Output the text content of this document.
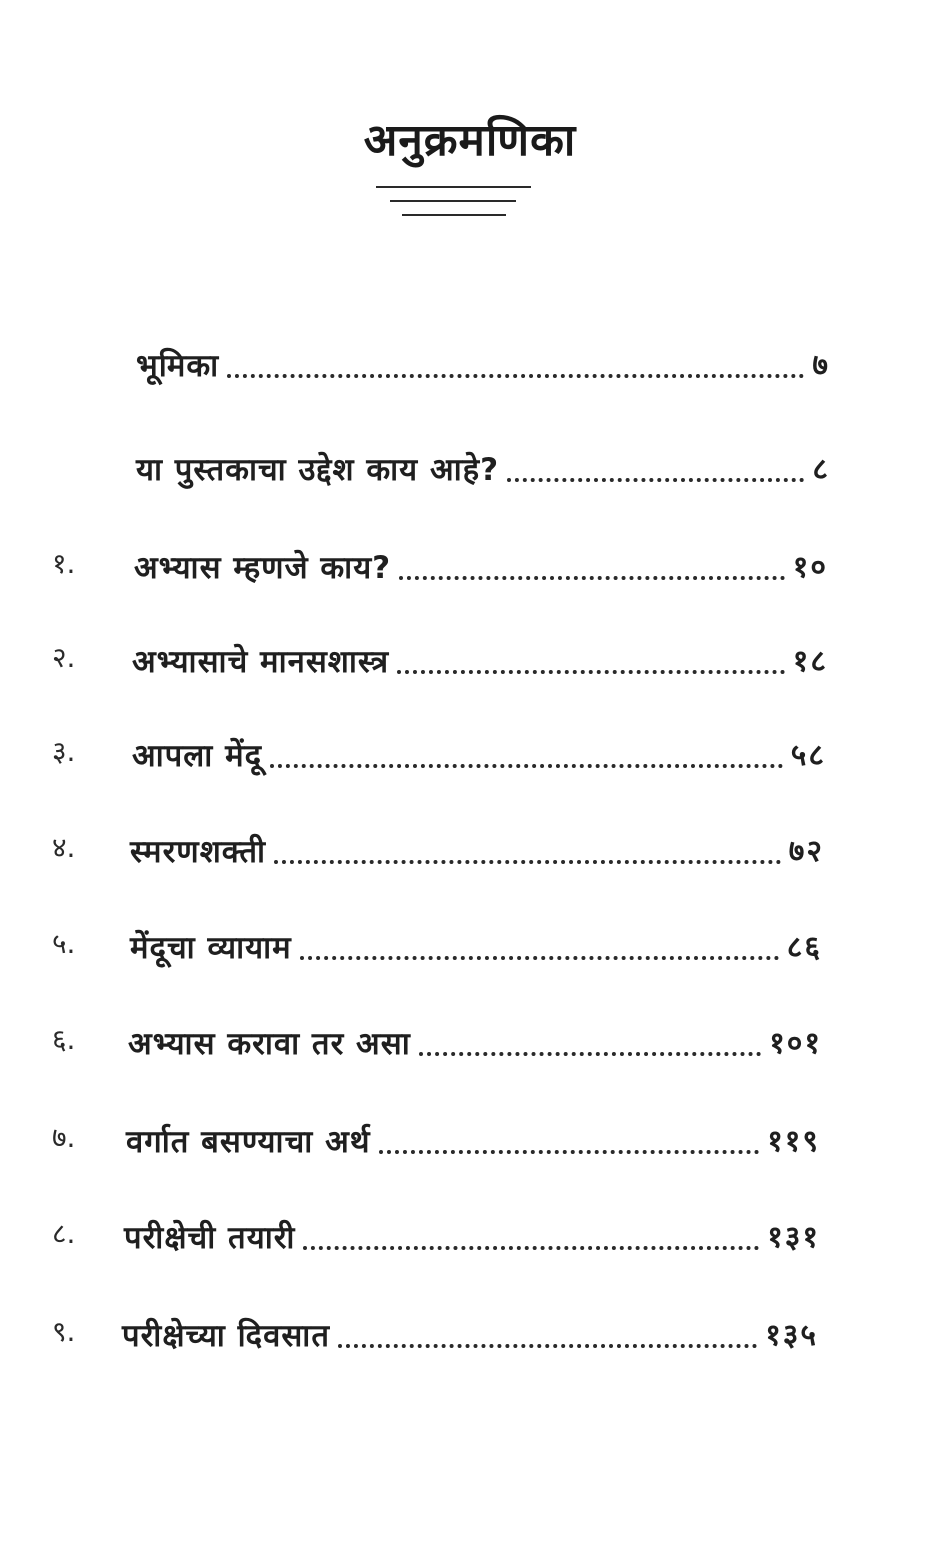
अनुक्रमणिका
भूमिका	७
या पुस्तकाचा उद्देश काय आहे?	८
१. अभ्यास म्हणजे काय?	१०
२. अभ्यासाचे मानसशास्त्र	१८
३. आपला मेंदू	५८
४. स्मरणशक्ती	७२
५. मेंदूचा व्यायाम	८६
६. अभ्यास करावा तर असा	१०१
७. वर्गात बसण्याचा अर्थ	११९
८. परीक्षेची तयारी	१३१
९. परीक्षेच्या दिवसात	१३५
